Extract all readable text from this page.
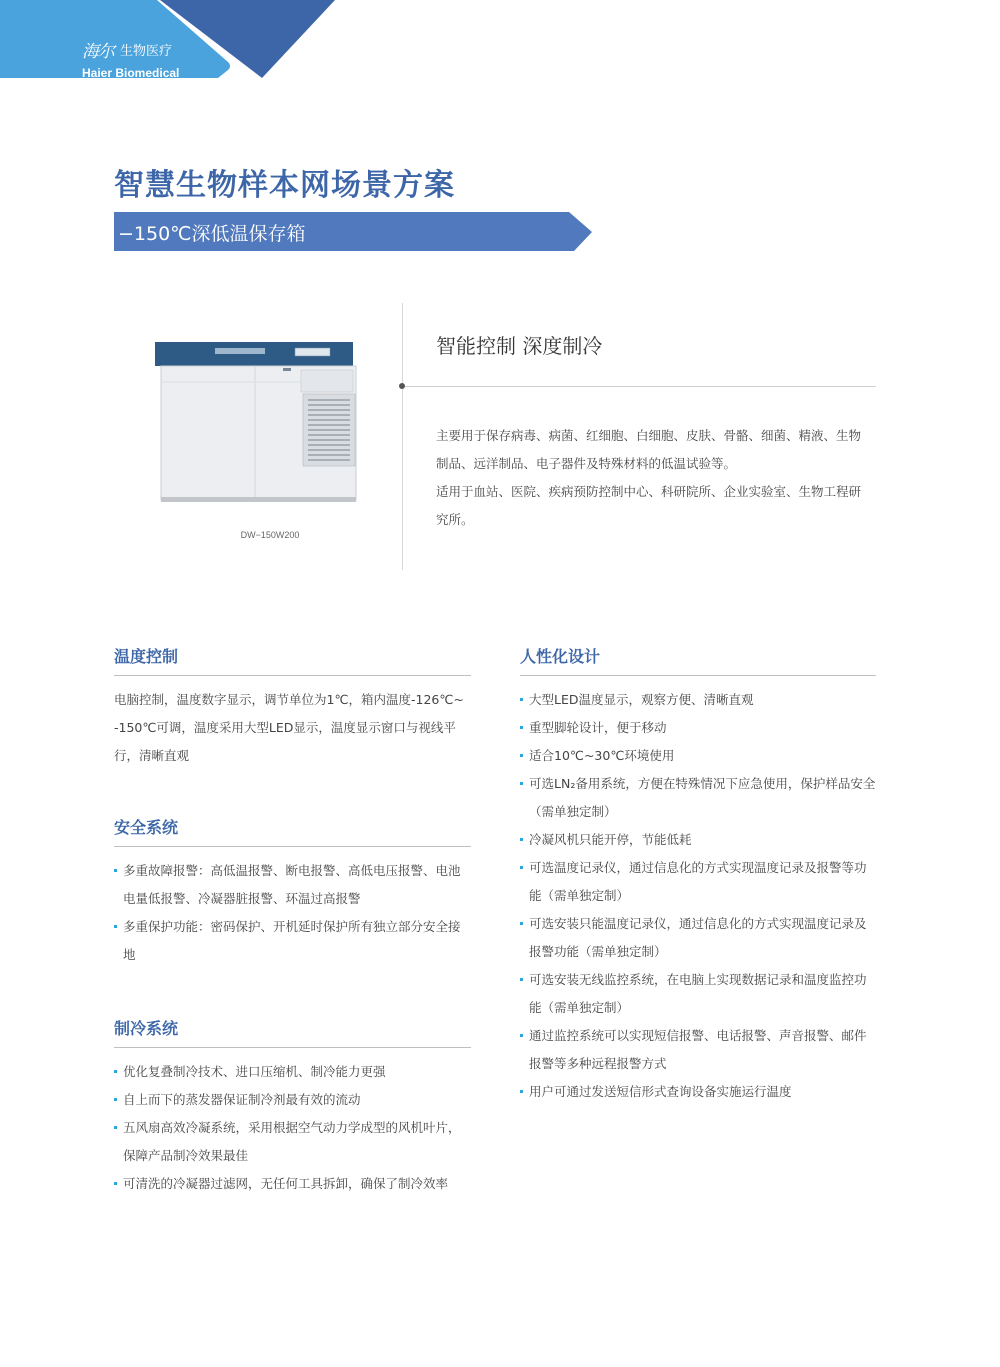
海尔 生物医疗
Haier Biomedical
智慧生物样本网场景方案
−150℃深低温保存箱
DW−150W200
智能控制 深度制冷

主要用于保存病毒、病菌、红细胞、白细胞、皮肤、骨骼、细菌、精液、生物制品、远洋制品、电子器件及特殊材料的低温试验等。

适用于血站、医院、疾病预防控制中心、科研院所、企业实验室、生物工程研究所。

温度控制

电脑控制，温度数字显示，调节单位为1℃，箱内温度-126℃~ -150℃可调，温度采用大型LED显示，温度显示窗口与视线平行，清晰直观

安全系统
多重故障报警：高低温报警、断电报警、高低电压报警、电池电量低报警、冷凝器脏报警、环温过高报警
多重保护功能：密码保护、开机延时保护所有独立部分安全接地
制冷系统
优化复叠制冷技术、进口压缩机、制冷能力更强
自上而下的蒸发器保证制冷剂最有效的流动
五风扇高效冷凝系统，采用根据空气动力学成型的风机叶片，保障产品制冷效果最佳
可清洗的冷凝器过滤网，无任何工具拆卸，确保了制冷效率
人性化设计
大型LED温度显示，观察方便、清晰直观
重型脚轮设计，便于移动
适合10℃~30℃环境使用
可选LN₂备用系统，方便在特殊情况下应急使用，保护样品安全（需单独定制）
冷凝风机只能开停，节能低耗
可选温度记录仪，通过信息化的方式实现温度记录及报警等功能（需单独定制）
可选安装只能温度记录仪，通过信息化的方式实现温度记录及报警功能（需单独定制）
可选安装无线监控系统，在电脑上实现数据记录和温度监控功能（需单独定制）
通过监控系统可以实现短信报警、电话报警、声音报警、邮件报警等多种远程报警方式
用户可通过发送短信形式查询设备实施运行温度
